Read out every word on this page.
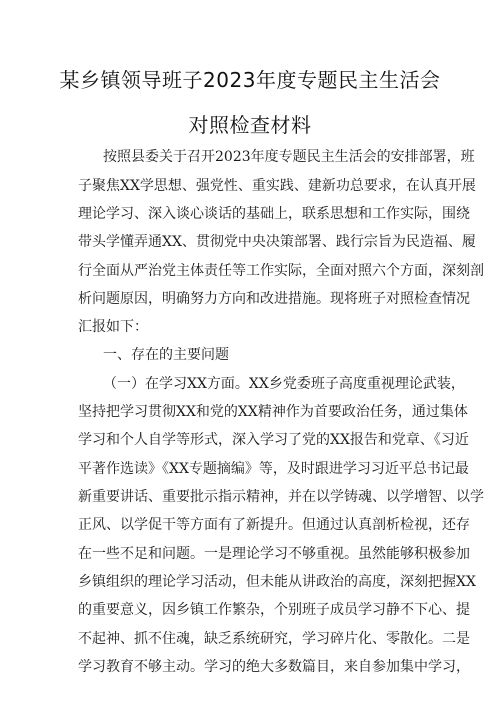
某乡镇领导班子2023年度专题民主生活会
对照检查材料
按照县委关于召开2023年度专题民主生活会的安排部署，班
子聚焦XX学思想、强党性、重实践、建新功总要求，在认真开展
理论学习、深入谈心谈话的基础上，联系思想和工作实际，围绕
带头学懂弄通XX、贯彻党中央决策部署、践行宗旨为民造福、履
行全面从严治党主体责任等工作实际，全面对照六个方面，深刻剖
析问题原因，明确努力方向和改进措施。现将班子对照检查情况
汇报如下：
一、存在的主要问题
（一）在学习XX方面。XX乡党委班子高度重视理论武装，
坚持把学习贯彻XX和党的XX精神作为首要政治任务，通过集体
学习和个人自学等形式，深入学习了党的XX报告和党章、《习近
平著作选读》《XX专题摘编》等，及时跟进学习习近平总书记最
新重要讲话、重要批示指示精神，并在以学铸魂、以学增智、以学
正风、以学促干等方面有了新提升。但通过认真剖析检视，还存
在一些不足和问题。一是理论学习不够重视。虽然能够积极参加
乡镇组织的理论学习活动，但未能从讲政治的高度，深刻把握XX
的重要意义，因乡镇工作繁杂，个别班子成员学习静不下心、提
不起神、抓不住魂，缺乏系统研究，学习碎片化、零散化。二是
学习教育不够主动。学习的绝大多数篇目，来自参加集中学习，
